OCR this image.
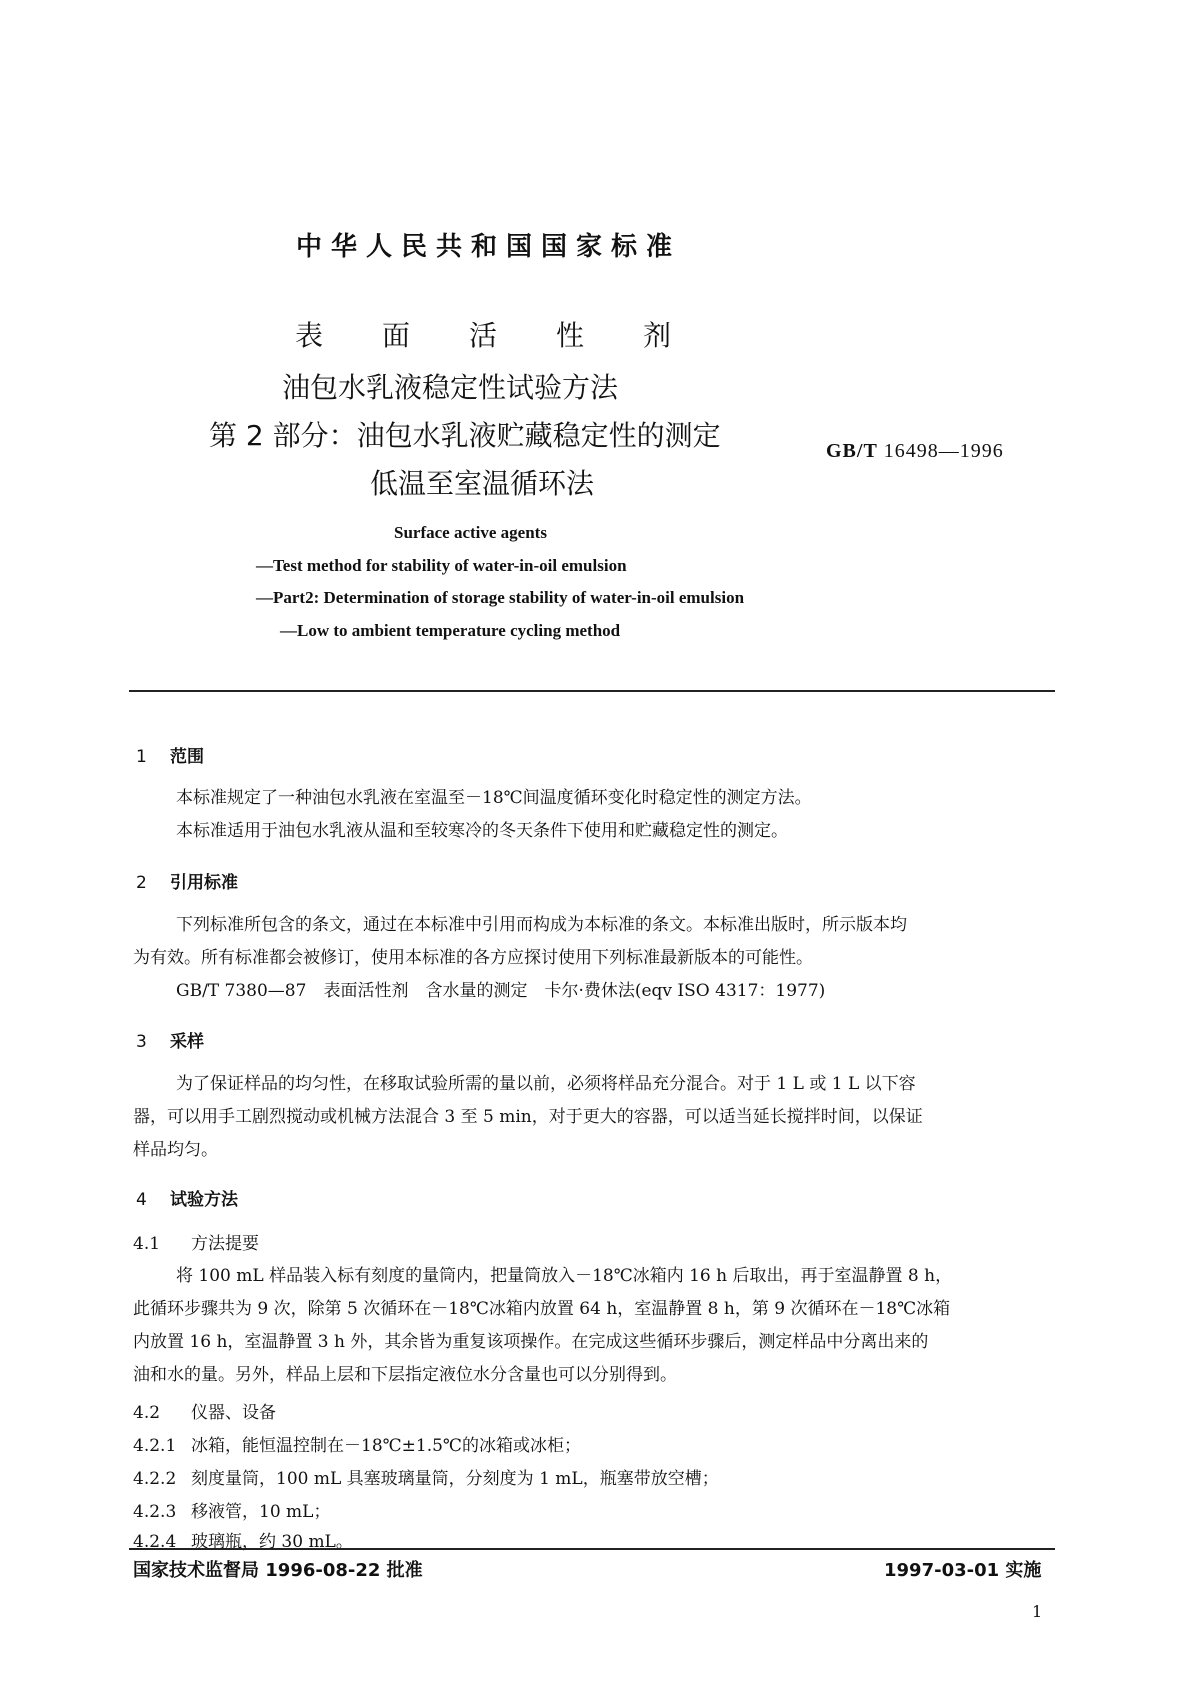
中华人民共和国国家标准
表 面 活 性 剂
油包水乳液稳定性试验方法
第 2 部分：油包水乳液贮藏稳定性的测定
低温至室温循环法
GB/T 16498—1996
Surface active agents
—Test method for stability of water-in-oil emulsion
—Part2: Determination of storage stability of water-in-oil emulsion
—Low to ambient temperature cycling method
1 范围
本标准规定了一种油包水乳液在室温至－18℃间温度循环变化时稳定性的测定方法。
本标准适用于油包水乳液从温和至较寒冷的冬天条件下使用和贮藏稳定性的测定。
2 引用标准
下列标准所包含的条文，通过在本标准中引用而构成为本标准的条文。本标准出版时，所示版本均
为有效。所有标准都会被修订，使用本标准的各方应探讨使用下列标准最新版本的可能性。
GB/T 7380—87　表面活性剂　含水量的测定　卡尔·费休法(eqv ISO 4317：1977)
3 采样
为了保证样品的均匀性，在移取试验所需的量以前，必须将样品充分混合。对于 1 L 或 1 L 以下容
器，可以用手工剧烈搅动或机械方法混合 3 至 5 min，对于更大的容器，可以适当延长搅拌时间，以保证
样品均匀。
4 试验方法
4.1 方法提要
将 100 mL 样品装入标有刻度的量筒内，把量筒放入－18℃冰箱内 16 h 后取出，再于室温静置 8 h，
此循环步骤共为 9 次，除第 5 次循环在－18℃冰箱内放置 64 h，室温静置 8 h，第 9 次循环在－18℃冰箱
内放置 16 h，室温静置 3 h 外，其余皆为重复该项操作。在完成这些循环步骤后，测定样品中分离出来的
油和水的量。另外，样品上层和下层指定液位水分含量也可以分别得到。
4.2 仪器、设备
4.2.1 冰箱，能恒温控制在－18℃±1.5℃的冰箱或冰柜；
4.2.2 刻度量筒，100 mL 具塞玻璃量筒，分刻度为 1 mL，瓶塞带放空槽；
4.2.3 移液管，10 mL；
4.2.4 玻璃瓶，约 30 mL。
国家技术监督局 1996-08-22 批准	1997-03-01 实施
1
